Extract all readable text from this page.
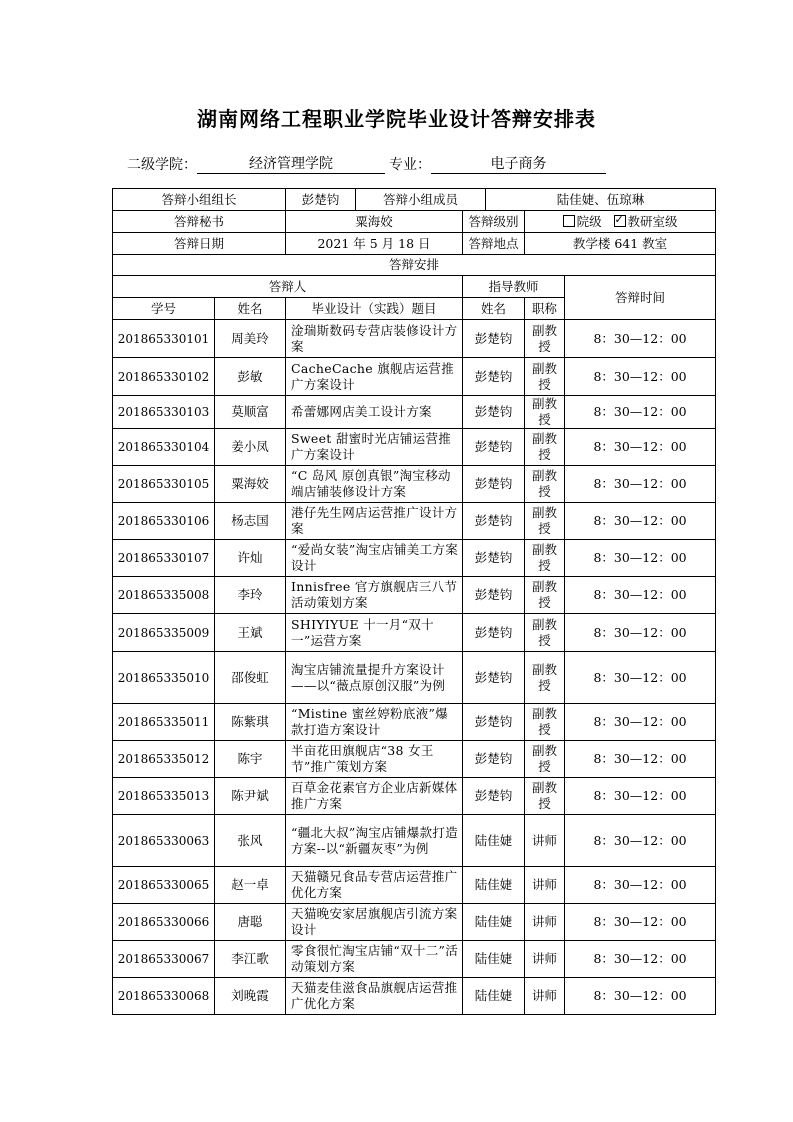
湖南网络工程职业学院毕业设计答辩安排表
二级学院：	经济管理学院	专业：	电子商务
答辩小组组长		彭楚钧	答辩小组成员		陆佳婕、伍琼琳		
答辩秘书		粟海姣		答辩级别		院级 ✓ 教研室级
答辩日期		2021 年 5 月 18 日		答辩地点		教学楼 641 教室	
答辩安排							
答辩人				指导教师			答辩时间
学号	姓名	毕业设计（实践）题目		姓名		职称	
201865330101	周美玲	淦瑞斯数码专营店装修设计方案		彭楚钧		副教授	8：30—12：00
201865330102	彭敏	CacheCache 旗舰店运营推广方案设计		彭楚钧		副教授	8：30—12：00
201865330103	莫顺富	希蕾娜网店美工设计方案		彭楚钧		副教授	8：30—12：00
201865330104	姜小凤	Sweet 甜蜜时光店铺运营推广方案设计		彭楚钧		副教授	8：30—12：00
201865330105	粟海姣	“C 岛风 原创真银”淘宝移动端店铺装修设计方案		彭楚钧		副教授	8：30—12：00
201865330106	杨志国	港仔先生网店运营推广设计方案		彭楚钧		副教授	8：30—12：00
201865330107	许灿	“爱尚女装”淘宝店铺美工方案设计		彭楚钧		副教授	8：30—12：00
201865335008	李玲	Innisfree 官方旗舰店三八节活动策划方案		彭楚钧		副教授	8：30—12：00
201865335009	王斌	SHIYIYUE 十一月“双十一”运营方案		彭楚钧		副教授	8：30—12：00
201865335010	邵俊虹	淘宝店铺流量提升方案设计——以“薇点原创汉服”为例		彭楚钧		副教授	8：30—12：00
201865335011	陈紫琪	“Mistine 蜜丝婷粉底液”爆款打造方案设计		彭楚钧		副教授	8：30—12：00
201865335012	陈宇	半亩花田旗舰店“38 女王节”推广策划方案		彭楚钧		副教授	8：30—12：00
201865335013	陈尹斌	百草金花素官方企业店新媒体推广方案		彭楚钧		副教授	8：30—12：00
201865330063	张风	“疆北大叔”淘宝店铺爆款打造方案--以“新疆灰枣”为例		陆佳婕		讲师	8：30—12：00
201865330065	赵一卓	天猫赣兄食品专营店运营推广优化方案		陆佳婕		讲师	8：30—12：00
201865330066	唐聪	天猫晚安家居旗舰店引流方案设计		陆佳婕		讲师	8：30—12：00
201865330067	李江歌	零食很忙淘宝店铺“双十二”活动策划方案		陆佳婕		讲师	8：30—12：00
201865330068	刘晚霞	天猫麦佳滋食品旗舰店运营推广优化方案		陆佳婕		讲师	8：30—12：00
